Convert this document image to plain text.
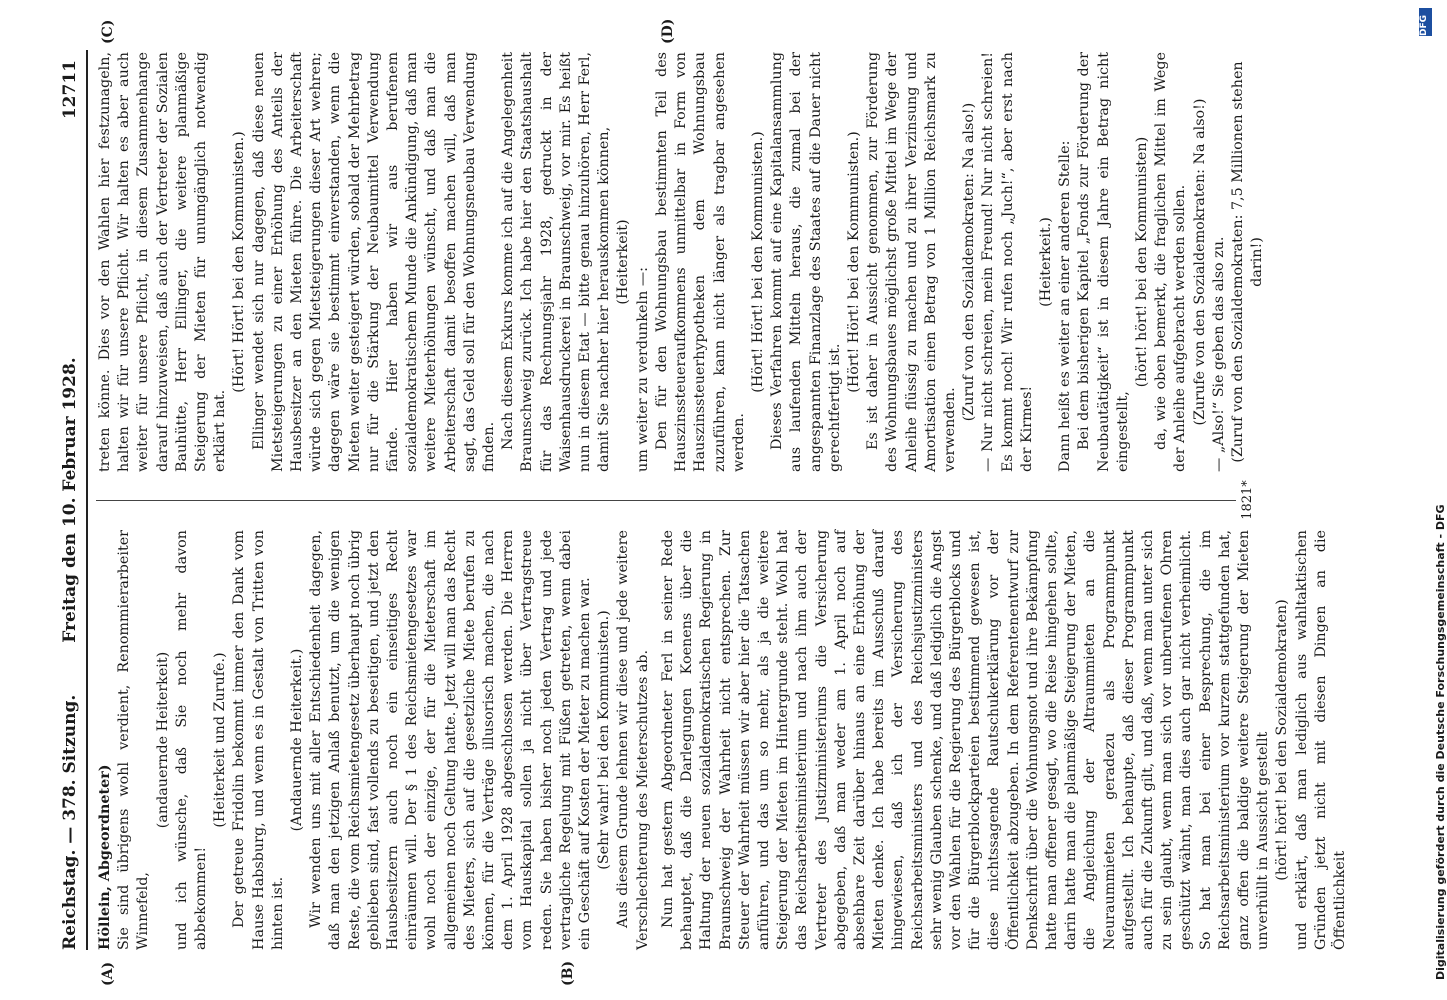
Reichstag. — 378. Sitzung.
Freitag den 10. Februar 1928.
12711
(A)	(B)
(C)	(D)

Höllein, Abgeordneter) Sie sind übrigens wohl verdient, Renommierarbeiter Winnefeld,

(andauernde Heiterkeit) und ich wünsche, daß Sie noch mehr davon abbekommen!

(Heiterkeit und Zurufe.) Der getreue Fridolin bekommt immer den Dank vom Hause Habsburg, und wenn es in Gestalt von Tritten von hinten ist.

(Andauernde Heiterkeit.) Wir wenden uns mit aller Entschiedenheit dagegen, daß man den jetzigen Anlaß benutzt, um die wenigen Reste, die vom Reichsmietengesetz überhaupt noch übrig geblieben sind, fast vollends zu beseitigen, und jetzt den Hausbesitzern auch noch ein einseitiges Recht einräumen will. Der § 1 des Reichsmietengesetzes war wohl noch der einzige, der für die Mieterschaft im allgemeinen noch Geltung hatte. Jetzt will man das Recht des Mieters, sich auf die gesetzliche Miete berufen zu können, für die Verträge illusorisch machen, die nach dem 1. April 1928 abgeschlossen werden. Die Herren vom Hauskapital sollen ja nicht über Vertragstreue reden. Sie haben bisher noch jeden Vertrag und jede vertragliche Regelung mit Füßen getreten, wenn dabei ein Geschäft auf Kosten der Mieter zu machen war. (Sehr wahr! bei den Kommunisten.) Aus diesem Grunde lehnen wir diese und jede weitere Verschlechterung des Mieterschutzes ab. Nun hat gestern Abgeordneter Ferl in seiner Rede behauptet, daß die Darlegungen Koenens über die Haltung der neuen sozialdemokratischen Regierung in Braunschweig der Wahrheit nicht entsprechen. Zur Steuer der Wahrheit müssen wir aber hier die Tatsachen anführen, und das um so mehr, als ja die weitere Steigerung der Mieten im Hintergrunde steht. Wohl hat das Reichsarbeitsministerium und nach ihm auch der Vertreter des Justizministeriums die Versicherung abgegeben, daß man weder am 1. April noch auf absehbare Zeit darüber hinaus an eine Erhöhung der Mieten denke. Ich habe bereits im Ausschuß darauf hingewiesen, daß ich der Versicherung des Reichsarbeitsministers und des Reichsjustizministers sehr wenig Glauben schenke, und daß lediglich die Angst vor den Wahlen für die Regierung des Bürgerblocks und für die Bürgerblockparteien bestimmend gewesen ist, diese nichtssagende Rautschukerklärung vor der Öffentlichkeit abzugeben. In dem Referentenentwurf zur Denkschrift über die Wohnungsnot und ihre Bekämpfung hatte man offener gesagt, wo die Reise hingehen sollte, darin hatte man die planmäßige Steigerung der Mieten, die Angleichung der Altraummieten an die Neuraummieten geradezu als Programmpunkt aufgestellt. Ich behaupte, daß dieser Programmpunkt auch für die Zukunft gilt, und daß, wenn man unter sich zu sein glaubt, wenn man sich vor unberufenen Ohren geschützt wähnt, man dies auch gar nicht verheimlicht. So hat man bei einer Besprechung, die im Reichsarbeitsministerium vor kurzem stattgefunden hat, ganz offen die baldige weitere Steigerung der Mieten unverhüllt in Aussicht gestellt (hört! hört! bei den Sozialdemokraten) und erklärt, daß man lediglich aus wahltaktischen Gründen jetzt nicht mit diesen Dingen an die Öffentlichkeit

treten könne. Dies vor den Wahlen hier festzunageln, halten wir für unsere Pflicht. Wir halten es aber auch weiter für unsere Pflicht, in diesem Zusammenhange darauf hinzuweisen, daß auch der Vertreter der Sozialen Bauhütte, Herr Ellinger, die weitere planmäßige Steigerung der Mieten für unumgänglich notwendig erklärt hat.

(Hört! Hört! bei den Kommunisten.) Ellinger wendet sich nur dagegen, daß diese neuen Mietsteigerungen zu einer Erhöhung des Anteils der Hausbesitzer an den Mieten führe. Die Arbeiterschaft würde sich gegen Mietsteigerungen dieser Art wehren; dagegen wäre sie bestimmt einverstanden, wenn die Mieten weiter gesteigert würden, sobald der Mehrbetrag nur für die Stärkung der Neubaumittel Verwendung fände. Hier haben wir aus berufenem sozialdemokratischem Munde die Ankündigung, daß man weitere Mieterhöhungen wünscht, und daß man die Arbeiterschaft damit besoffen machen will, daß man sagt, das Geld soll für den Wohnungsneubau Verwendung finden. Nach diesem Exkurs komme ich auf die Angelegenheit Braunschweig zurück. Ich habe hier den Staatshaushalt für das Rechnungsjahr 1928, gedruckt in der Waisenhausdruckerei in Braunschweig, vor mir. Es heißt nun in diesem Etat — bitte genau hinzuhören, Herr Ferl, damit Sie nachher hier herauskommen können, (Heiterkeit)

um weiter zu verdunkeln —: Den für den Wohnungsbau bestimmten Teil des Hauszinssteueraufkommens unmittelbar in Form von Hauszinssteuerhypotheken dem Wohnungsbau zuzuführen, kann nicht länger als tragbar angesehen werden.

(Hört! Hört! bei den Kommunisten.) Dieses Verfahren kommt auf eine Kapitalansammlung aus laufenden Mitteln heraus, die zumal bei der angespannten Finanzlage des Staates auf die Dauer nicht gerechtfertigt ist.

(Hört! Hört! bei den Kommunisten.) Es ist daher in Aussicht genommen, zur Förderung des Wohnungsbaues möglichst große Mittel im Wege der Anleihe flüssig zu machen und zu ihrer Verzinsung und Amortisation einen Betrag von 1 Million Reichsmark zu verwenden.

(Zuruf von den Sozialdemokraten: Na also!) — Nur nicht schreien, mein Freund! Nur nicht schreien! Es kommt noch! Wir rufen noch „Juch!“, aber erst nach der Kirmes!

(Heiterkeit.) Dann heißt es weiter an einer anderen Stelle: Bei dem bisherigen Kapitel „Fonds zur Förderung der Neubautätigkeit“ ist in diesem Jahre ein Betrag nicht eingestellt,

(hört! hört! bei den Kommunisten) da, wie oben bemerkt, die fraglichen Mittel im Wege der Anleihe aufgebracht werden sollen. (Zurufe von den Sozialdemokraten: Na also!) — „Also!“ Sie geben das also zu. (Zuruf von den Sozialdemokraten: 7,5 Millionen stehen darin!)

1821*
Digitalisierung gefördert durch die Deutsche Forschungsgemeinschaft - DFG
DFG
